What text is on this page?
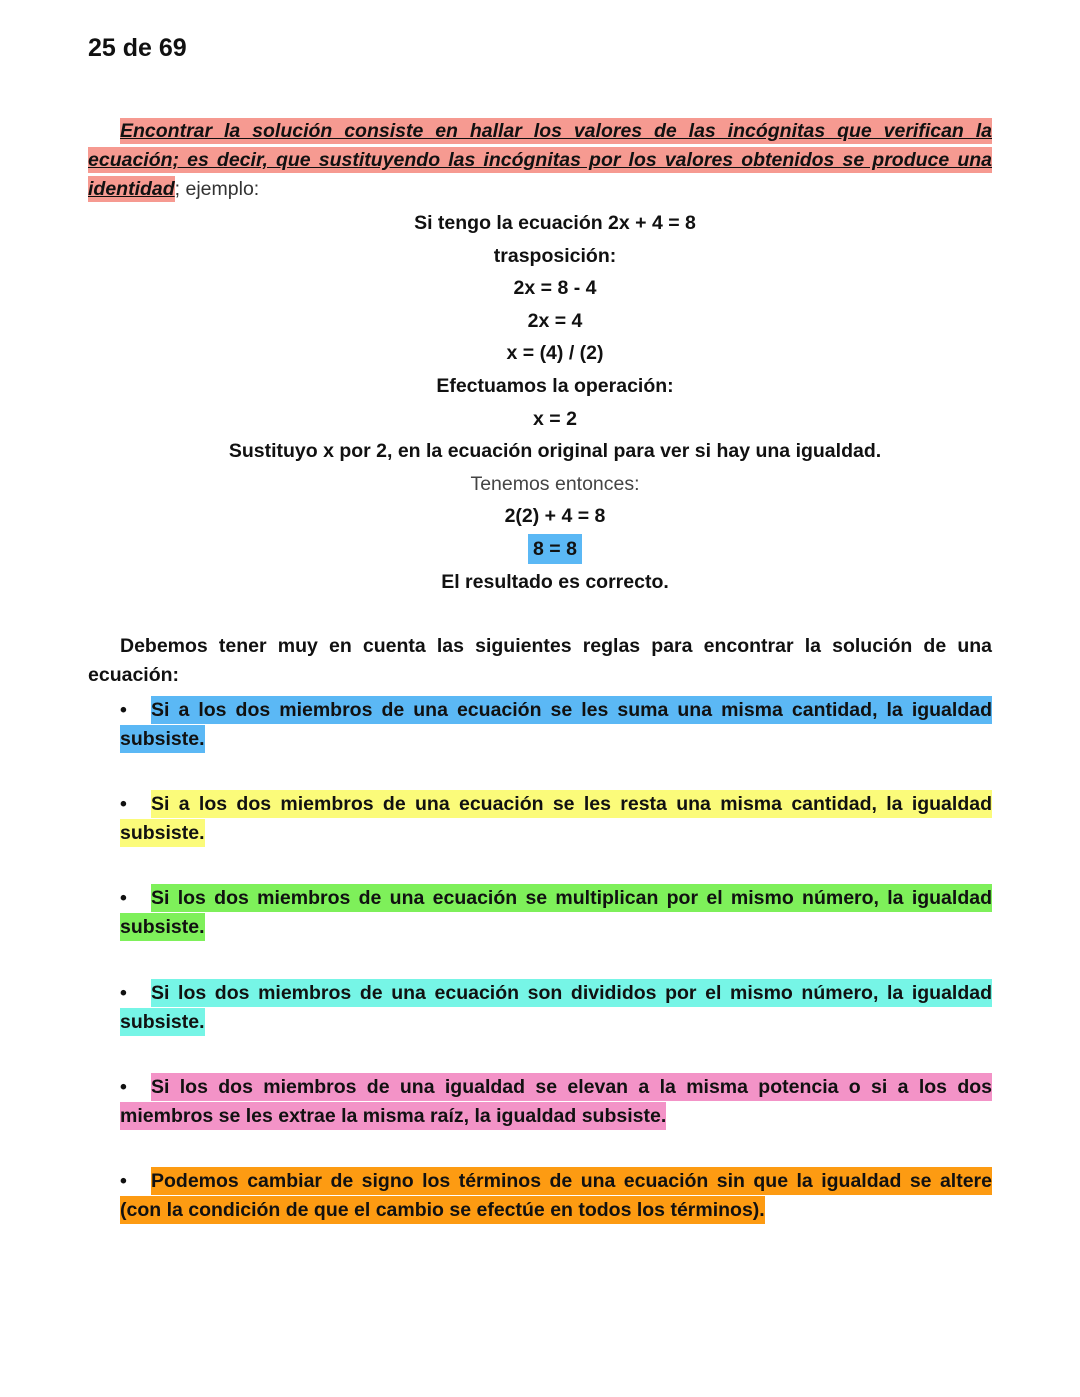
25 de 69
Encontrar la solución consiste en hallar los valores de las incógnitas que verifican la ecuación; es decir, que sustituyendo las incógnitas por los valores obtenidos se produce una identidad; ejemplo:
Si tengo la ecuación 2x + 4 = 8
trasposición:
2x = 8 - 4
2x = 4
x = (4) / (2)
Efectuamos la operación:
x = 2
Sustituyo x por 2, en la ecuación original para ver si hay una igualdad.
Tenemos entonces:
2(2) + 4 = 8
8 = 8
El resultado es correcto.
Debemos tener muy en cuenta las siguientes reglas para encontrar la solución de una ecuación:
• Si a los dos miembros de una ecuación se les suma una misma cantidad, la igualdad subsiste.
• Si a los dos miembros de una ecuación se les resta una misma cantidad, la igualdad subsiste.
• Si los dos miembros de una ecuación se multiplican por el mismo número, la igualdad subsiste.
• Si los dos miembros de una ecuación son divididos por el mismo número, la igualdad subsiste.
• Si los dos miembros de una igualdad se elevan a la misma potencia o si a los dos miembros se les extrae la misma raíz, la igualdad subsiste.
• Podemos cambiar de signo los términos de una ecuación sin que la igualdad se altere (con la condición de que el cambio se efectúe en todos los términos).
